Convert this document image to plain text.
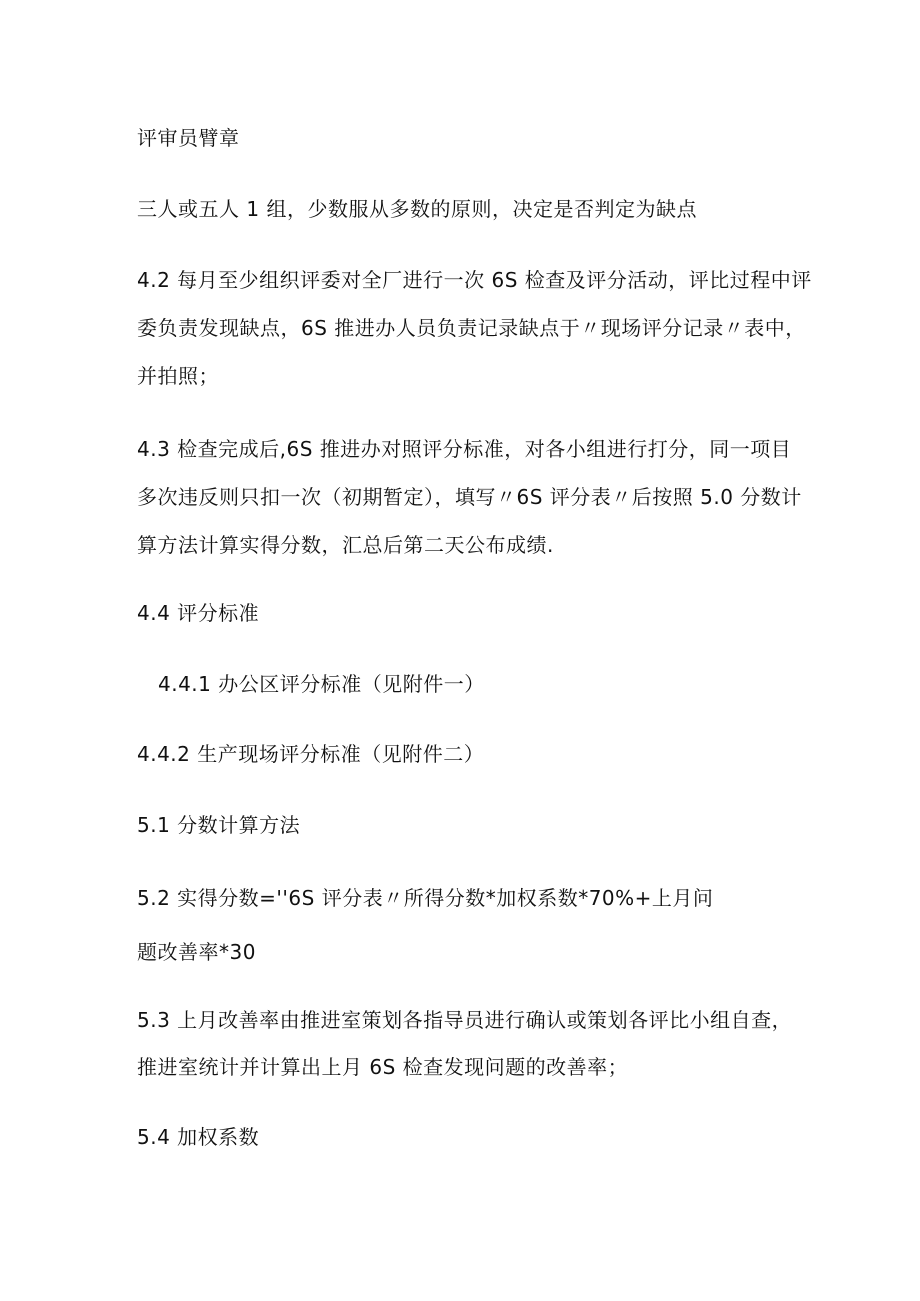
评审员臂章
三人或五人 1 组，少数服从多数的原则，决定是否判定为缺点
4.2 每月至少组织评委对全厂进行一次 6S 检查及评分活动，评比过程中评
委负责发现缺点，6S 推进办人员负责记录缺点于〃现场评分记录〃表中，
并拍照；
4.3 检查完成后,6S 推进办对照评分标准，对各小组进行打分，同一项目
多次违反则只扣一次（初期暂定），填写〃6S 评分表〃后按照 5.0 分数计
算方法计算实得分数，汇总后第二天公布成绩.
4.4 评分标准
4.4.1 办公区评分标准（见附件一）
4.4.2 生产现场评分标准（见附件二）
5.1 分数计算方法
5.2 实得分数=''6S 评分表〃所得分数*加权系数*70%+上月问
题改善率*30
5.3 上月改善率由推进室策划各指导员进行确认或策划各评比小组自查，
推进室统计并计算出上月 6S 检查发现问题的改善率；
5.4 加权系数
